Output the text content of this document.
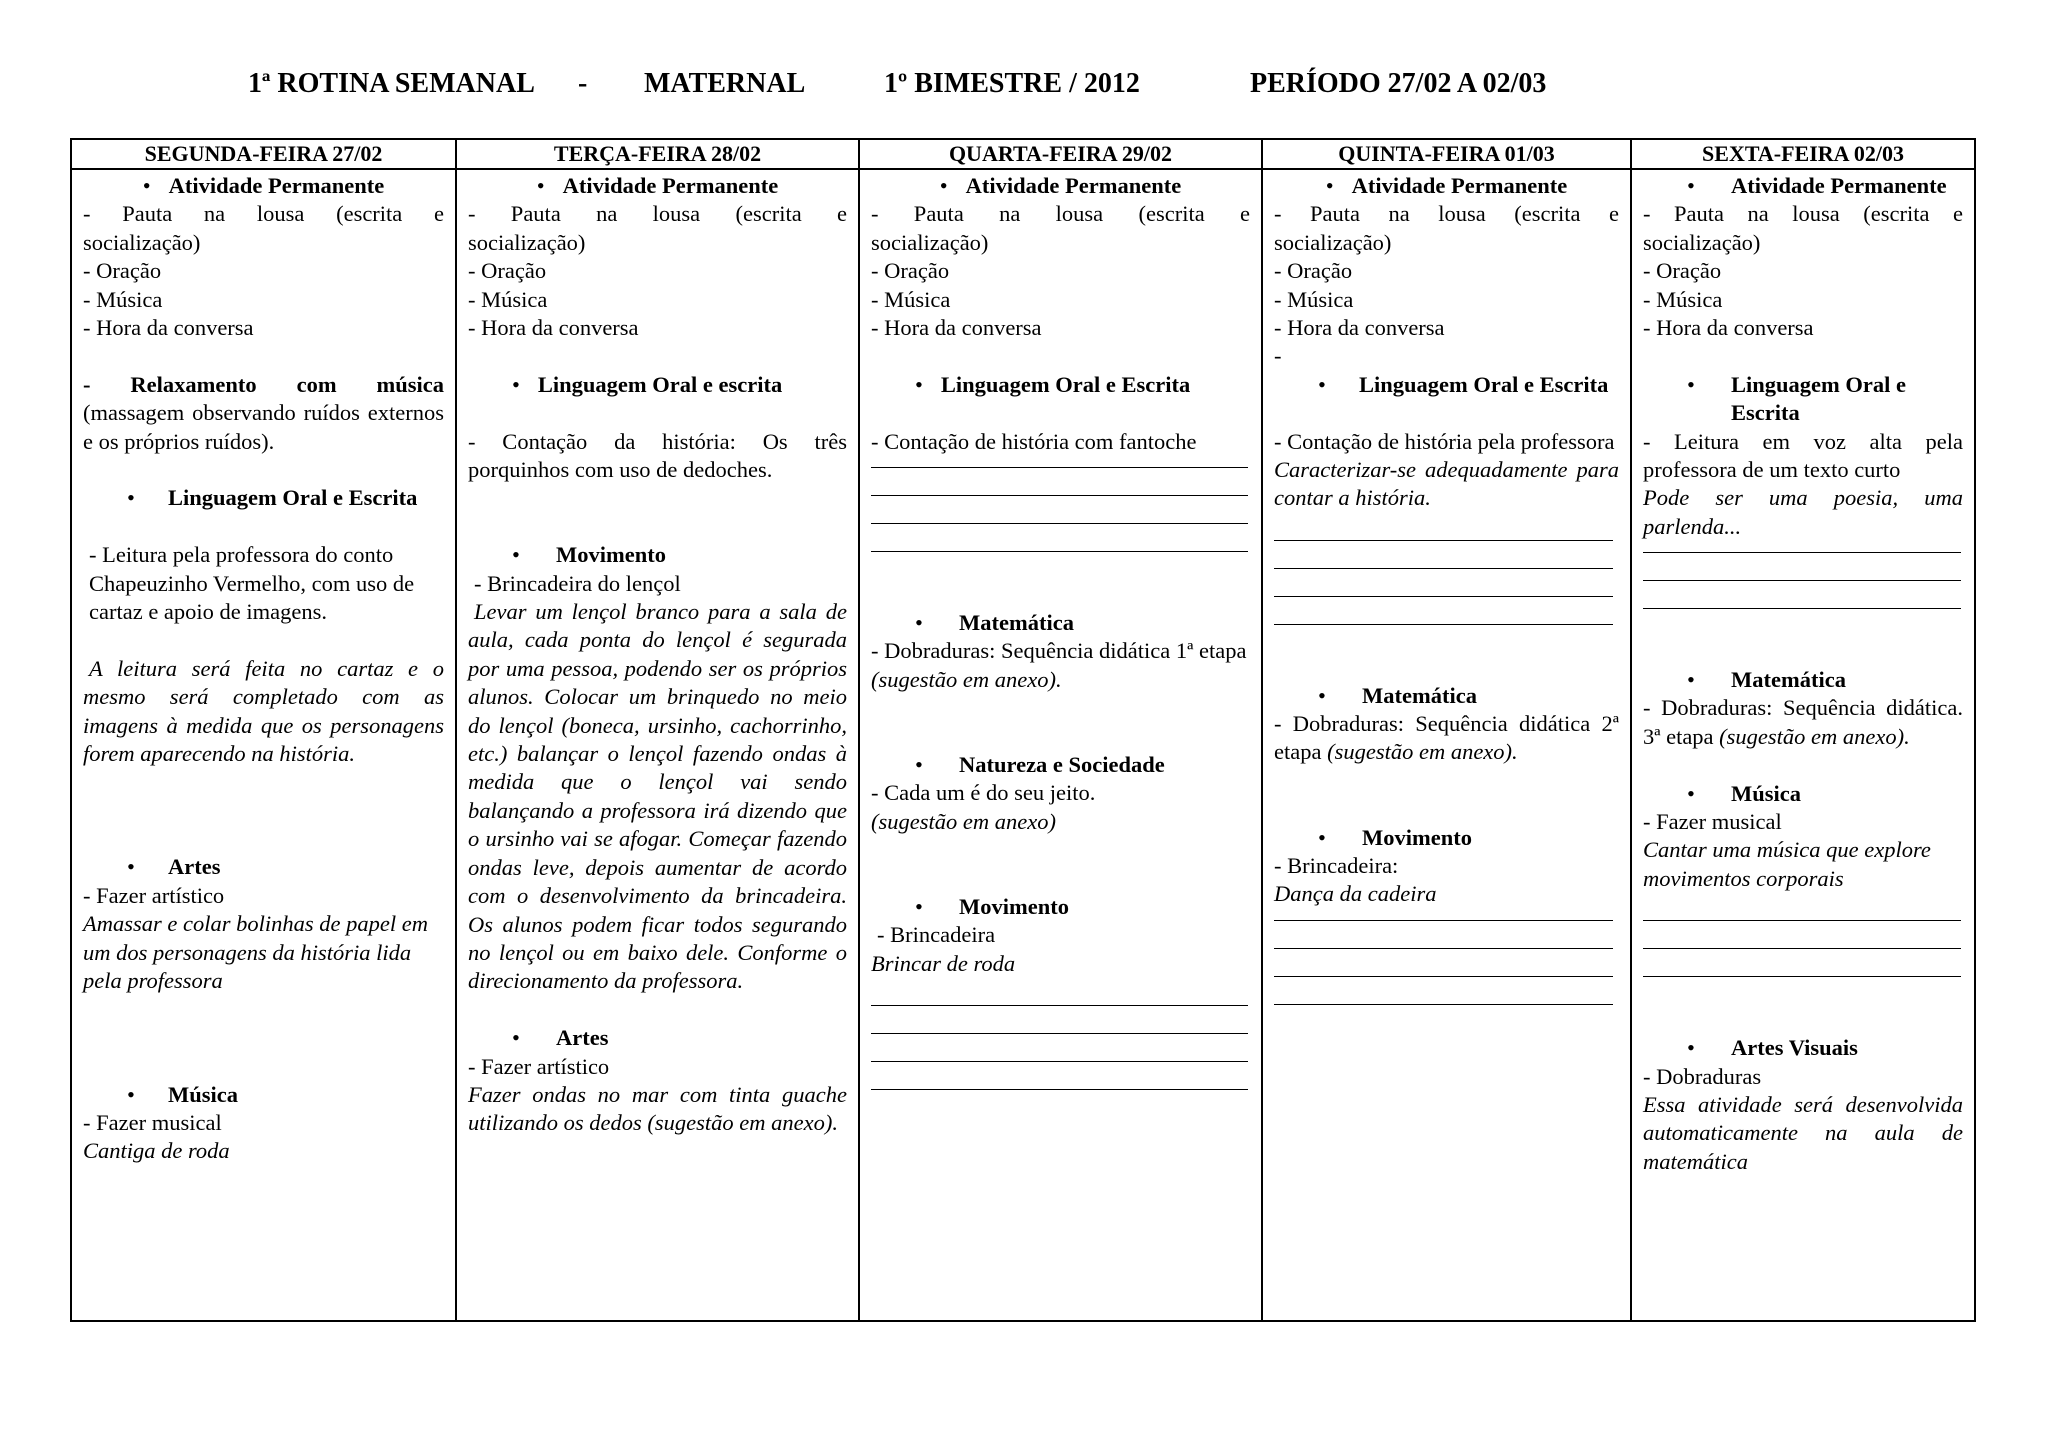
1ª ROTINA SEMANAL - MATERNAL	1º BIMESTRE / 2012	PERÍODO 27/02 A 02/03
SEGUNDA-FEIRA 27/02

• Atividade Permanente

- Pauta na lousa (escrita e

socialização)

- Oração

- Música

- Hora da conversa

- Relaxamento com música

(massagem observando ruídos externos e os próprios ruídos).

• Linguagem Oral e Escrita

- Leitura pela professora do conto Chapeuzinho Vermelho, com uso de cartaz e apoio de imagens.

A leitura será feita no cartaz e o mesmo será completado com as imagens à medida que os personagens forem aparecendo na história.

• Artes

- Fazer artístico

Amassar e colar bolinhas de papel em um dos personagens da história lida pela professora

• Música

- Fazer musical

Cantiga de roda

TERÇA-FEIRA 28/02

• Atividade Permanente

- Pauta na lousa (escrita e

socialização)

- Oração

- Música

- Hora da conversa

• Linguagem Oral e escrita

- Contação da história: Os três porquinhos com uso de dedoches.

• Movimento

- Brincadeira do lençol

Levar um lençol branco para a sala de aula, cada ponta do lençol é segurada por uma pessoa, podendo ser os próprios alunos. Colocar um brinquedo no meio do lençol (boneca, ursinho, cachorrinho, etc.) balançar o lençol fazendo ondas à medida que o lençol vai sendo balançando a professora irá dizendo que o ursinho vai se afogar. Começar fazendo ondas leve, depois aumentar de acordo com o desenvolvimento da brincadeira. Os alunos podem ficar todos segurando no lençol ou em baixo dele. Conforme o direcionamento da professora.

• Artes

- Fazer artístico

Fazer ondas no mar com tinta guache utilizando os dedos (sugestão em anexo).

QUARTA-FEIRA 29/02

• Atividade Permanente

- Pauta na lousa (escrita e

socialização)

- Oração

- Música

- Hora da conversa

• Linguagem Oral e Escrita

- Contação de história com fantoche

• Matemática

- Dobraduras: Sequência didática 1ª etapa (sugestão em anexo).

• Natureza e Sociedade

- Cada um é do seu jeito.

(sugestão em anexo)

• Movimento

- Brincadeira

Brincar de roda

QUINTA-FEIRA 01/03

• Atividade Permanente

- Pauta na lousa (escrita e

socialização)

- Oração

- Música

- Hora da conversa

-

• Linguagem Oral e Escrita

- Contação de história pela professora

Caracterizar-se adequadamente para contar a história.

• Matemática

- Dobraduras: Sequência didática 2ª etapa (sugestão em anexo).

• Movimento

- Brincadeira:

Dança da cadeira

SEXTA-FEIRA 02/03

• Atividade Permanente

- Pauta na lousa (escrita e

socialização)

- Oração

- Música

- Hora da conversa

• Linguagem Oral e Escrita

- Leitura em voz alta pela professora de um texto curto

Pode ser uma poesia, uma parlenda...

• Matemática

- Dobraduras: Sequência didática. 3ª etapa (sugestão em anexo).

• Música

- Fazer musical

Cantar uma música que explore movimentos corporais

• Artes Visuais

- Dobraduras

Essa atividade será desenvolvida automaticamente na aula de matemática
